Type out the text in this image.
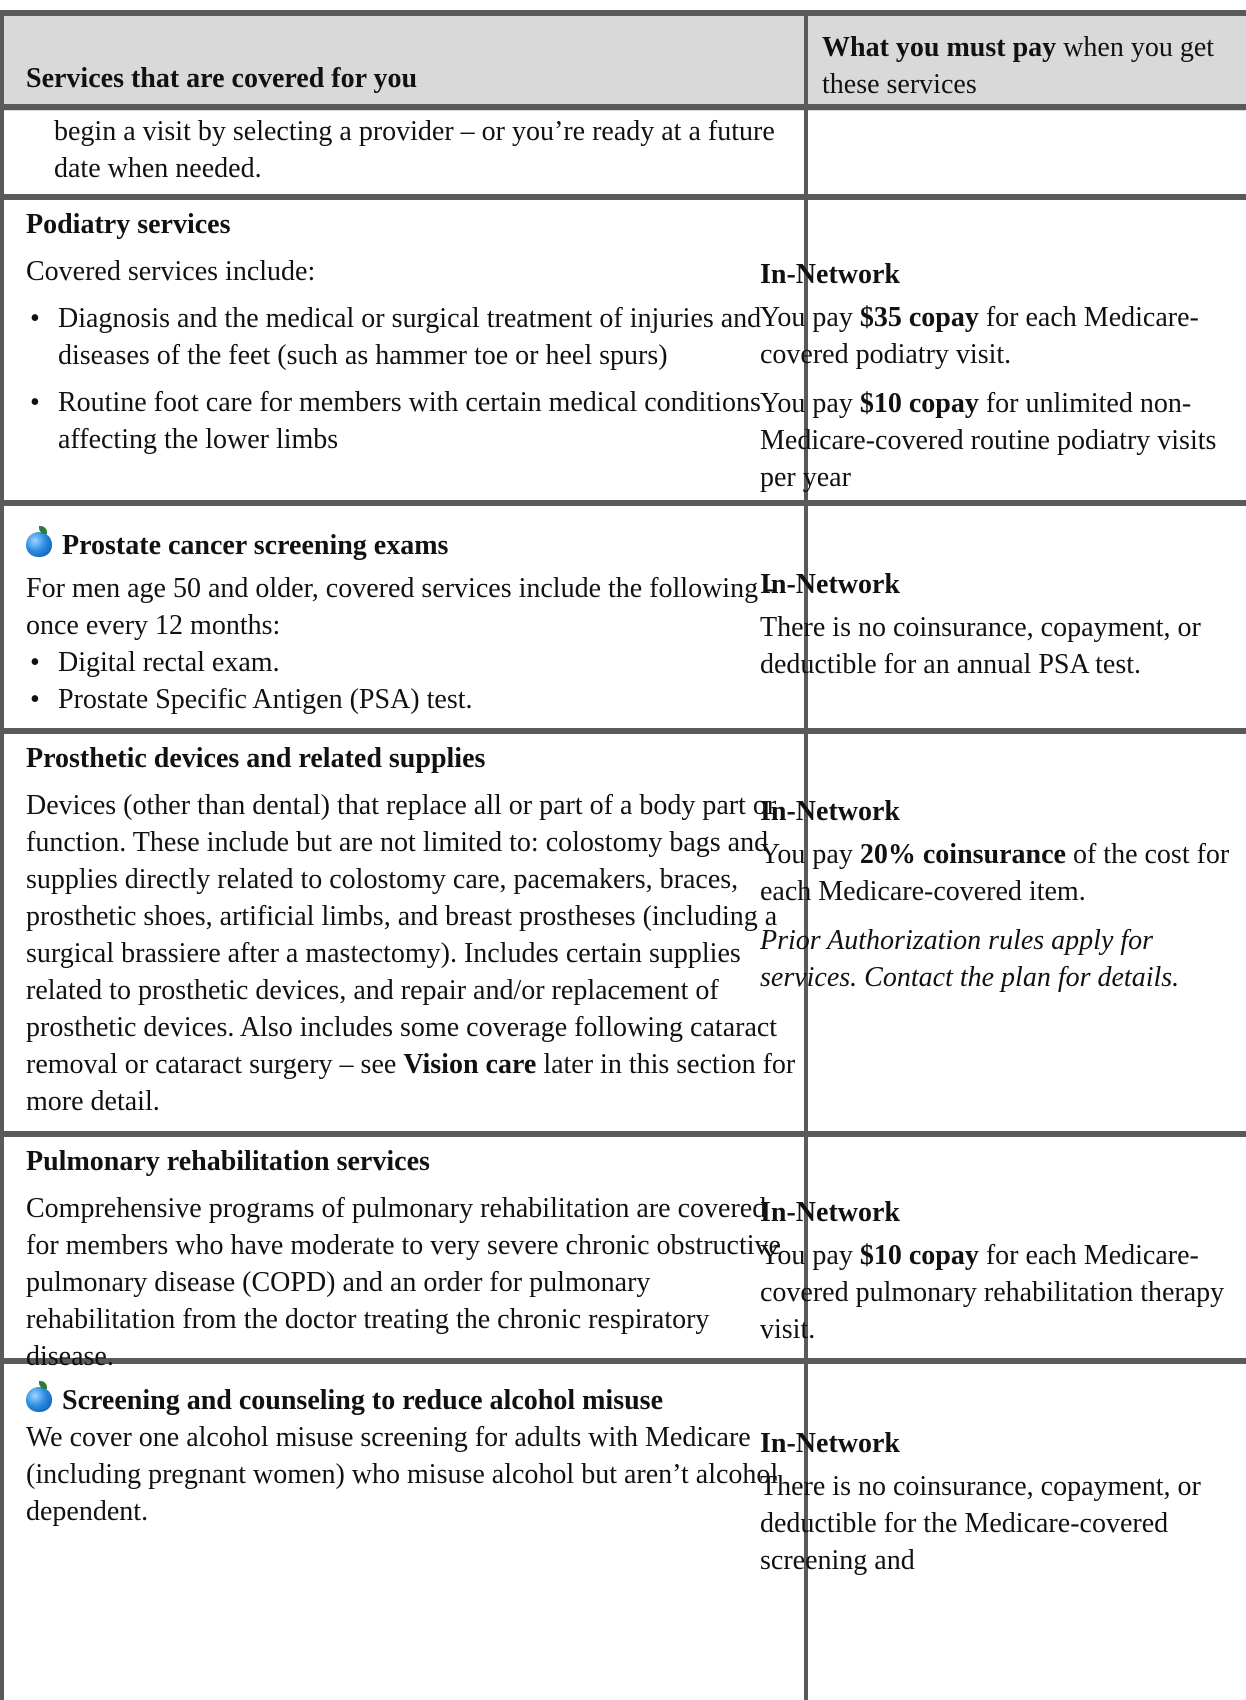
Services that are covered for you
What you must pay when you get these services
begin a visit by selecting a provider – or you’re ready at a future date when needed.
Podiatry services
Covered services include:
• Diagnosis and the medical or surgical treatment of injuries and diseases of the feet (such as hammer toe or heel spurs)
• Routine foot care for members with certain medical conditions affecting the lower limbs
In-Network

You pay $35 copay for each Medicare-covered podiatry visit.

You pay $10 copay for unlimited non-Medicare-covered routine podiatry visits per year

Prostate cancer screening exams
For men age 50 and older, covered services include the following - once every 12 months:
• Digital rectal exam.
• Prostate Specific Antigen (PSA) test.
In-Network

There is no coinsurance, copayment, or deductible for an annual PSA test.

Prosthetic devices and related supplies
Devices (other than dental) that replace all or part of a body part or function. These include but are not limited to: colostomy bags and supplies directly related to colostomy care, pacemakers, braces, prosthetic shoes, artificial limbs, and breast prostheses (including a surgical brassiere after a mastectomy). Includes certain supplies related to prosthetic devices, and repair and/or replacement of prosthetic devices. Also includes some coverage following cataract removal or cataract surgery – see Vision care later in this section for more detail.
In-Network

You pay 20% coinsurance of the cost for each Medicare-covered item.

Prior Authorization rules apply for services. Contact the plan for details.

Pulmonary rehabilitation services
Comprehensive programs of pulmonary rehabilitation are covered for members who have moderate to very severe chronic obstructive pulmonary disease (COPD) and an order for pulmonary rehabilitation from the doctor treating the chronic respiratory disease.
In-Network

You pay $10 copay for each Medicare-covered pulmonary rehabilitation therapy visit.

Screening and counseling to reduce alcohol misuse
We cover one alcohol misuse screening for adults with Medicare (including pregnant women) who misuse alcohol but aren’t alcohol dependent.
In-Network

There is no coinsurance, copayment, or deductible for the Medicare-covered screening and
